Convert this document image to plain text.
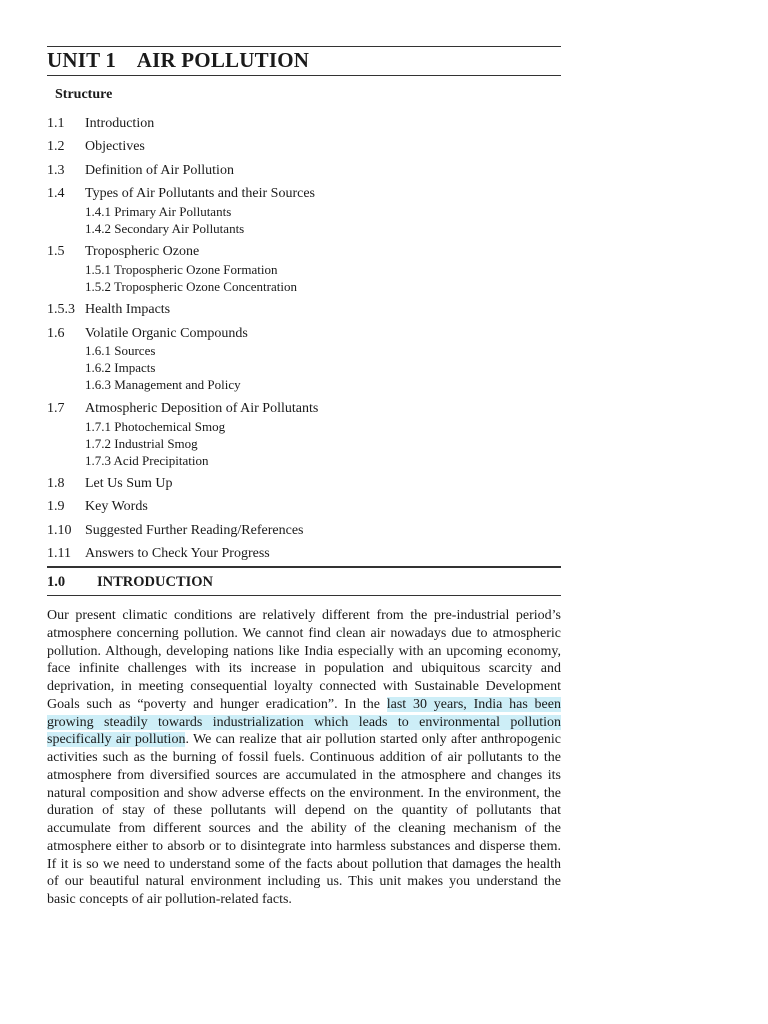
UNIT 1    AIR POLLUTION
Structure
1.1 Introduction
1.2 Objectives
1.3 Definition of Air Pollution
1.4 Types of Air Pollutants and their Sources
1.4.1 Primary Air Pollutants
1.4.2 Secondary Air Pollutants
1.5 Tropospheric Ozone
1.5.1 Tropospheric Ozone Formation
1.5.2 Tropospheric Ozone Concentration
1.5.3 Health Impacts
1.6 Volatile Organic Compounds
1.6.1 Sources
1.6.2 Impacts
1.6.3 Management and Policy
1.7 Atmospheric Deposition of Air Pollutants
1.7.1 Photochemical Smog
1.7.2 Industrial Smog
1.7.3 Acid Precipitation
1.8 Let Us Sum Up
1.9 Key Words
1.10 Suggested Further Reading/References
1.11 Answers to Check Your Progress
1.0 INTRODUCTION
Our present climatic conditions are relatively different from the pre-industrial period’s atmosphere concerning pollution. We cannot find clean air nowadays due to atmospheric pollution. Although, developing nations like India especially with an upcoming economy, face infinite challenges with its increase in population and ubiquitous scarcity and deprivation, in meeting consequential loyalty connected with Sustainable Development Goals such as “poverty and hunger eradication”. In the last 30 years, India has been growing steadily towards industrialization which leads to environmental pollution specifically air pollution. We can realize that air pollution started only after anthropogenic activities such as the burning of fossil fuels. Continuous addition of air pollutants to the atmosphere from diversified sources are accumulated in the atmosphere and changes its natural composition and show adverse effects on the environment. In the environment, the duration of stay of these pollutants will depend on the quantity of pollutants that accumulate from different sources and the ability of the cleaning mechanism of the atmosphere either to absorb or to disintegrate into harmless substances and disperse them. If it is so we need to understand some of the facts about pollution that damages the health of our beautiful natural environment including us. This unit makes you understand the basic concepts of air pollution-related facts.
